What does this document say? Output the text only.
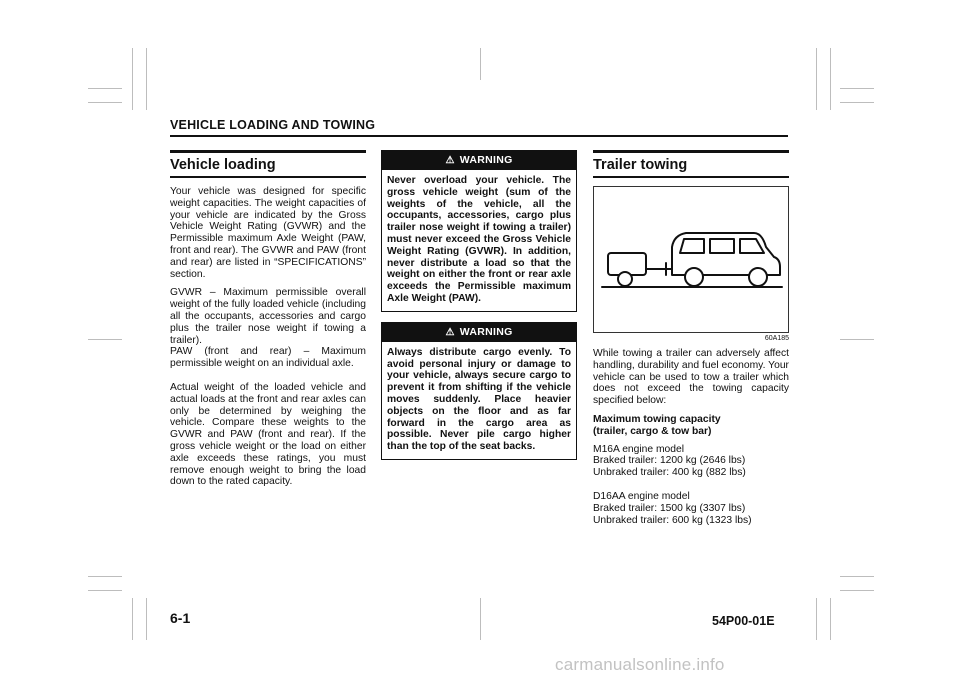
VEHICLE LOADING AND TOWING
Vehicle loading

Your vehicle was designed for specific weight capacities. The weight capacities of your vehicle are indicated by the Gross Vehicle Weight Rating (GVWR) and the Permissible maximum Axle Weight (PAW, front and rear). The GVWR and PAW (front and rear) are listed in “SPECIFICATIONS” section.

GVWR – Maximum permissible overall weight of the fully loaded vehicle (including all the occupants, accessories and cargo plus the trailer nose weight if towing a trailer).

PAW (front and rear) – Maximum permissible weight on an individual axle.

Actual weight of the loaded vehicle and actual loads at the front and rear axles can only be determined by weighing the vehicle. Compare these weights to the GVWR and PAW (front and rear). If the gross vehicle weight or the load on either axle exceeds these ratings, you must remove enough weight to bring the load down to the rated capacity.

⚠ WARNING
Never overload your vehicle. The gross vehicle weight (sum of the weights of the vehicle, all the occupants, accessories, cargo plus trailer nose weight if towing a trailer) must never exceed the Gross Vehicle Weight Rating (GVWR). In addition, never distribute a load so that the weight on either the front or rear axle exceeds the Permissible maximum Axle Weight (PAW).
⚠ WARNING
Always distribute cargo evenly. To avoid personal injury or damage to your vehicle, always secure cargo to prevent it from shifting if the vehicle moves suddenly. Place heavier objects on the floor and as far forward in the cargo area as possible. Never pile cargo higher than the top of the seat backs.
Trailer towing
60A185

While towing a trailer can adversely affect handling, durability and fuel economy. Your vehicle can be used to tow a trailer which does not exceed the towing capacity specified below:

Maximum towing capacity
(trailer, cargo & tow bar)
M16A engine model
Braked trailer: 1200 kg (2646 lbs)
Unbraked trailer: 400 kg (882 lbs)
D16AA engine model
Braked trailer: 1500 kg (3307 lbs)
Unbraked trailer: 600 kg (1323 lbs)
6-1	54P00-01E
carmanualsonline.info
